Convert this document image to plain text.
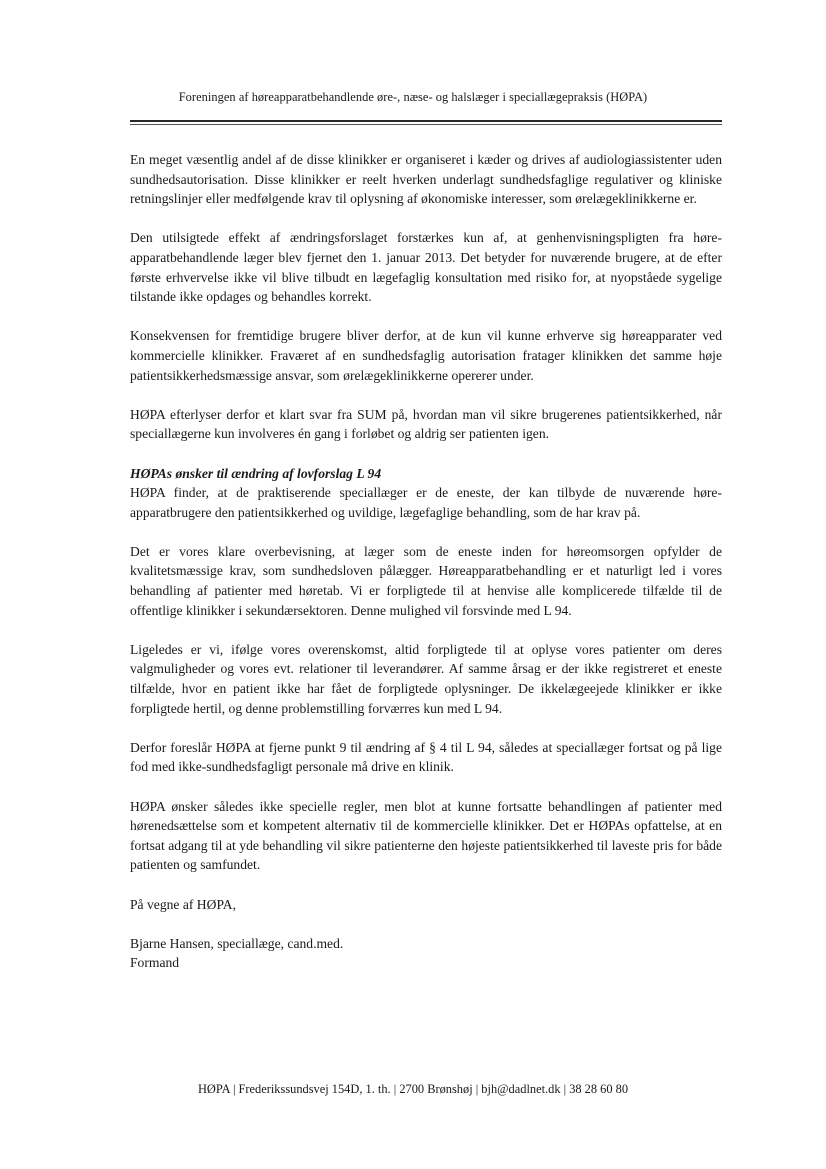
Foreningen af høreapparatbehandlende øre-, næse- og halslæger i speciallægepraksis (HØPA)

En meget væsentlig andel af de disse klinikker er organiseret i kæder og drives af audiologiassistenter uden sundhedsautorisation. Disse klinikker er reelt hverken underlagt sundhedsfaglige regulativer og kliniske retningslinjer eller medfølgende krav til oplysning af økonomiske interesser, som ørelægeklinikkerne er.

Den utilsigtede effekt af ændringsforslaget forstærkes kun af, at genhenvisningspligten fra høreapparatbehandlende læger blev fjernet den 1. januar 2013. Det betyder for nuværende brugere, at de efter første erhvervelse ikke vil blive tilbudt en lægefaglig konsultation med risiko for, at nyopståede sygelige tilstande ikke opdages og behandles korrekt.

Konsekvensen for fremtidige brugere bliver derfor, at de kun vil kunne erhverve sig høreapparater ved kommercielle klinikker. Fraværet af en sundhedsfaglig autorisation fratager klinikken det samme høje patientsikkerhedsmæssige ansvar, som ørelægeklinikkerne opererer under.

HØPA efterlyser derfor et klart svar fra SUM på, hvordan man vil sikre brugerenes patientsikkerhed, når speciallægerne kun involveres én gang i forløbet og aldrig ser patienten igen.

HØPAs ønsker til ændring af lovforslag L 94

HØPA finder, at de praktiserende speciallæger er de eneste, der kan tilbyde de nuværende høreapparatbrugere den patientsikkerhed og uvildige, lægefaglige behandling, som de har krav på.

Det er vores klare overbevisning, at læger som de eneste inden for høreomsorgen opfylder de kvalitetsmæssige krav, som sundhedsloven pålægger. Høreapparatbehandling er et naturligt led i vores behandling af patienter med høretab. Vi er forpligtede til at henvise alle komplicerede tilfælde til de offentlige klinikker i sekundærsektoren. Denne mulighed vil forsvinde med L 94.

Ligeledes er vi, ifølge vores overenskomst, altid forpligtede til at oplyse vores patienter om deres valgmuligheder og vores evt. relationer til leverandører. Af samme årsag er der ikke registreret et eneste tilfælde, hvor en patient ikke har fået de forpligtede oplysninger. De ikkelægeejede klinikker er ikke forpligtede hertil, og denne problemstilling forværres kun med L 94.

Derfor foreslår HØPA at fjerne punkt 9 til ændring af § 4 til L 94, således at speciallæger fortsat og på lige fod med ikke-sundhedsfagligt personale må drive en klinik.

HØPA ønsker således ikke specielle regler, men blot at kunne fortsatte behandlingen af patienter med hørenedsættelse som et kompetent alternativ til de kommercielle klinikker. Det er HØPAs opfattelse, at en fortsat adgang til at yde behandling vil sikre patienterne den højeste patientsikkerhed til laveste pris for både patienten og samfundet.

På vegne af HØPA,

Bjarne Hansen, speciallæge, cand.med.

Formand

HØPA | Frederikssundsvej 154D, 1. th. | 2700 Brønshøj | bjh@dadlnet.dk | 38 28 60 80
